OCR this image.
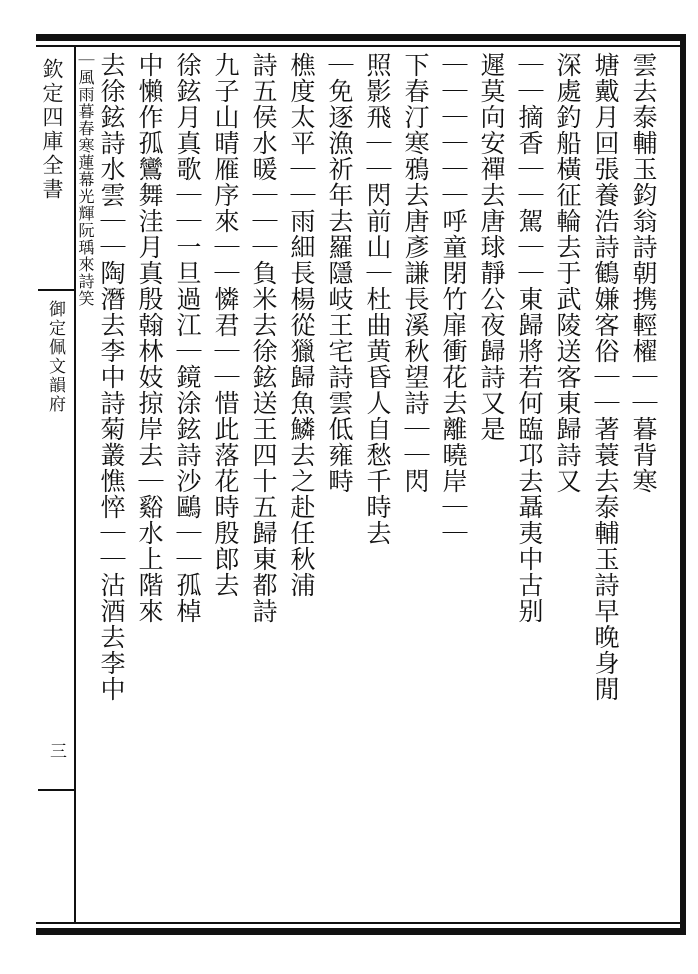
欽定四庫全書
御定佩文韻府
三
雲去泰輔玉鈞翁詩朝携輕櫂｜｜暮背寒
塘戴月回張養浩詩鶴嫌客俗｜｜著蓑去泰輔玉詩早晚身閒
深處釣船橫征輪去于武陵送客東歸詩又
｜｜摘香｜｜駕｜｜東歸將若何臨邛去聶夷中古别
遲莫向安禪去唐球靜公夜歸詩又是
｜｜｜｜｜｜呼童閉竹扉衝花去離曉岸｜｜
下春汀寒鴉去唐彥謙長溪秋望詩｜｜閃
照影飛｜｜閃前山｜杜曲黄昏人自愁千時去
｜免逐漁祈年去羅隱岐王宅詩雲低雍畤
樵度太平｜｜雨細長楊從獵歸魚鱗去之赴任秋浦
詩五侯水暖｜｜｜負米去徐鉉送王四十五歸東都詩
九子山晴雁序來｜｜憐君｜｜惜此落花時殷郎去
徐鉉月真歌｜｜一旦過江｜鏡涂鉉詩沙鷗｜｜孤棹
中懶作孤鸞舞洼月真殷翰林妓掠岸去｜谿水上階來
去徐鉉詩水雲｜｜陶潛去李中詩菊叢憔悴｜｜沽酒去李中
｜風雨暮春寒蓮幕光輝阮瑀來詩笑
